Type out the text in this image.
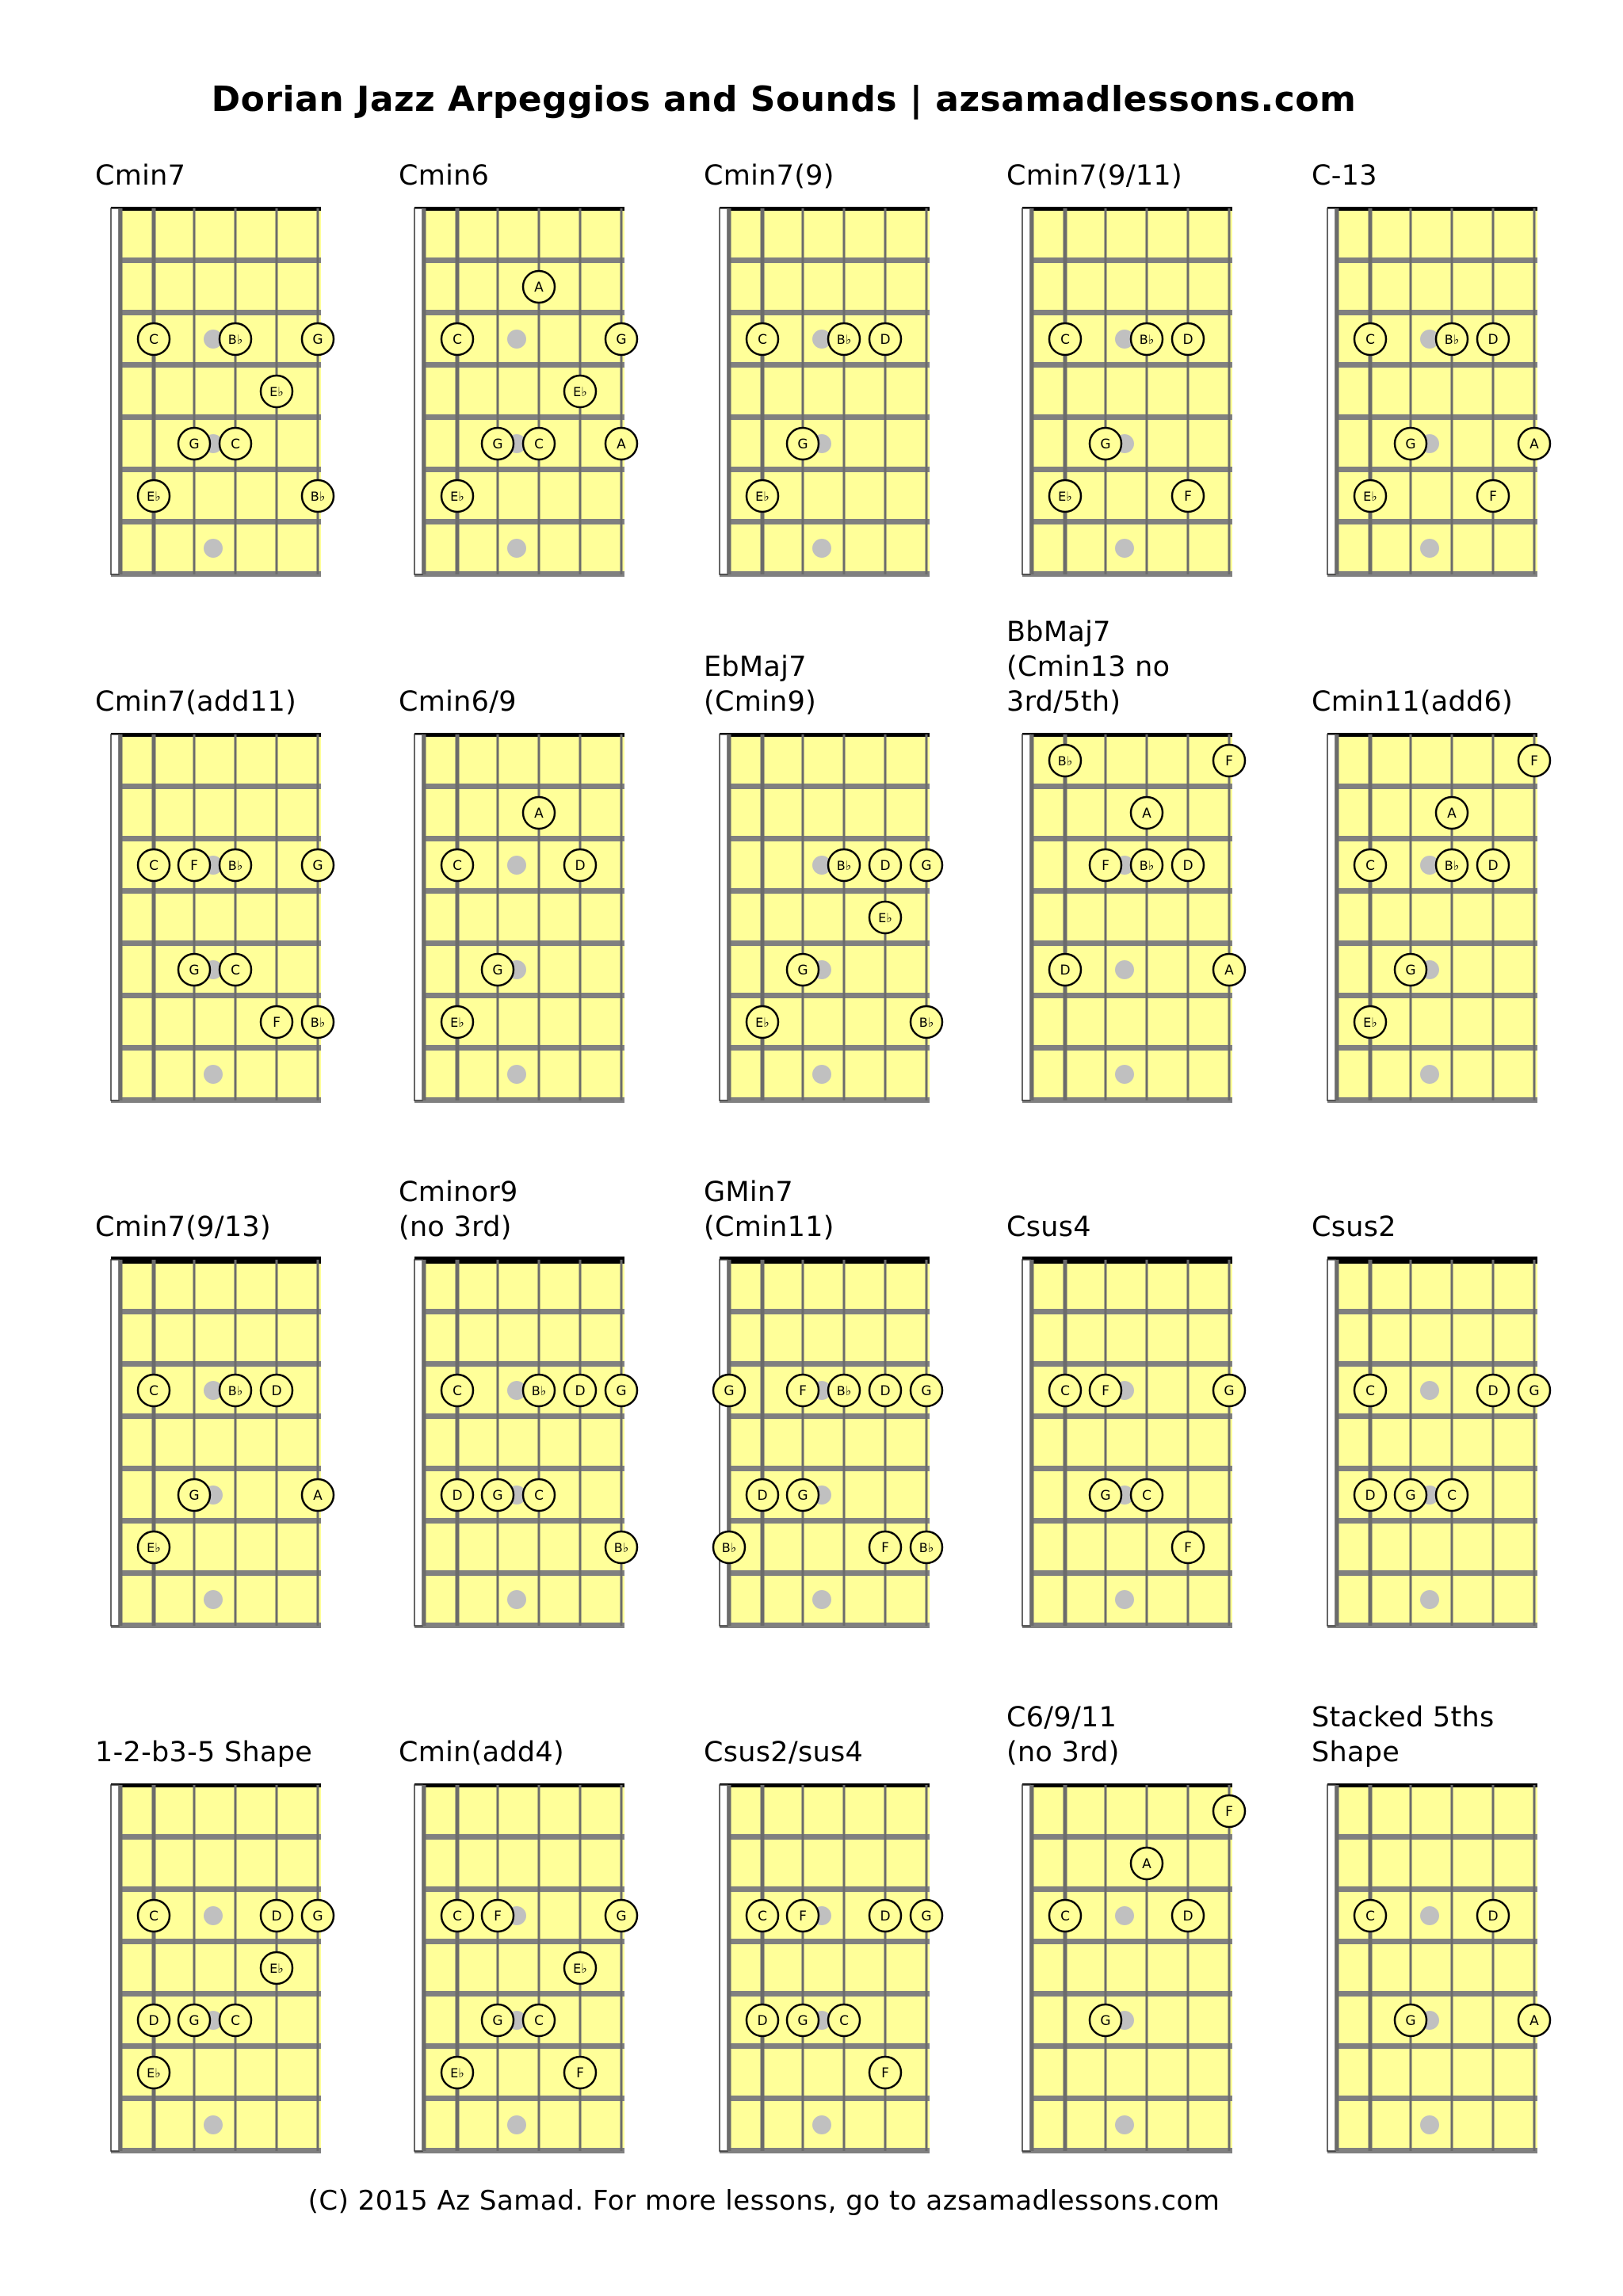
Dorian Jazz Arpeggios and Sounds | azsamadlessons.com
Cmin7
C	B♭	G
E♭
G C
E♭	B♭
Cmin6
A
C	G
E♭
G C	A
E♭
Cmin7(9)
C	B♭ D
G
E♭
Cmin7(9/11)
C	B♭ D
G
E♭	F
C-13
C	B♭ D
G	A
E♭	F
Cmin7(add11)
C F B♭	G
G C
F B♭
Cmin6/9
A
C	D
G
E♭
EbMaj7
(Cmin9)
B♭ D G
E♭
G
E♭	B♭
BbMaj7
(Cmin13 no
3rd/5th)
B♭	F
A
F B♭ D
D	A
Cmin11(add6)
F
A
C	B♭ D
G
E♭
Cmin7(9/13)
C	B♭ D
G	A
E♭
Cminor9
(no 3rd)
C	B♭ D G
D G C
B♭
GMin7
(Cmin11)
G	F B♭ D G
D G
B♭	F B♭
Csus4
C F	G
G C
F
Csus2
C	D G
D G C
1-2-b3-5 Shape
C	D G
E♭
D G C
E♭
Cmin(add4)
C F	G
E♭
G C
E♭	F
Csus2/sus4
C F	D G
D G C
F
C6/9/11
(no 3rd)
F
A
C	D
G
Stacked 5ths
Shape
C	D
G	A
(C) 2015 Az Samad. For more lessons, go to azsamadlessons.com
